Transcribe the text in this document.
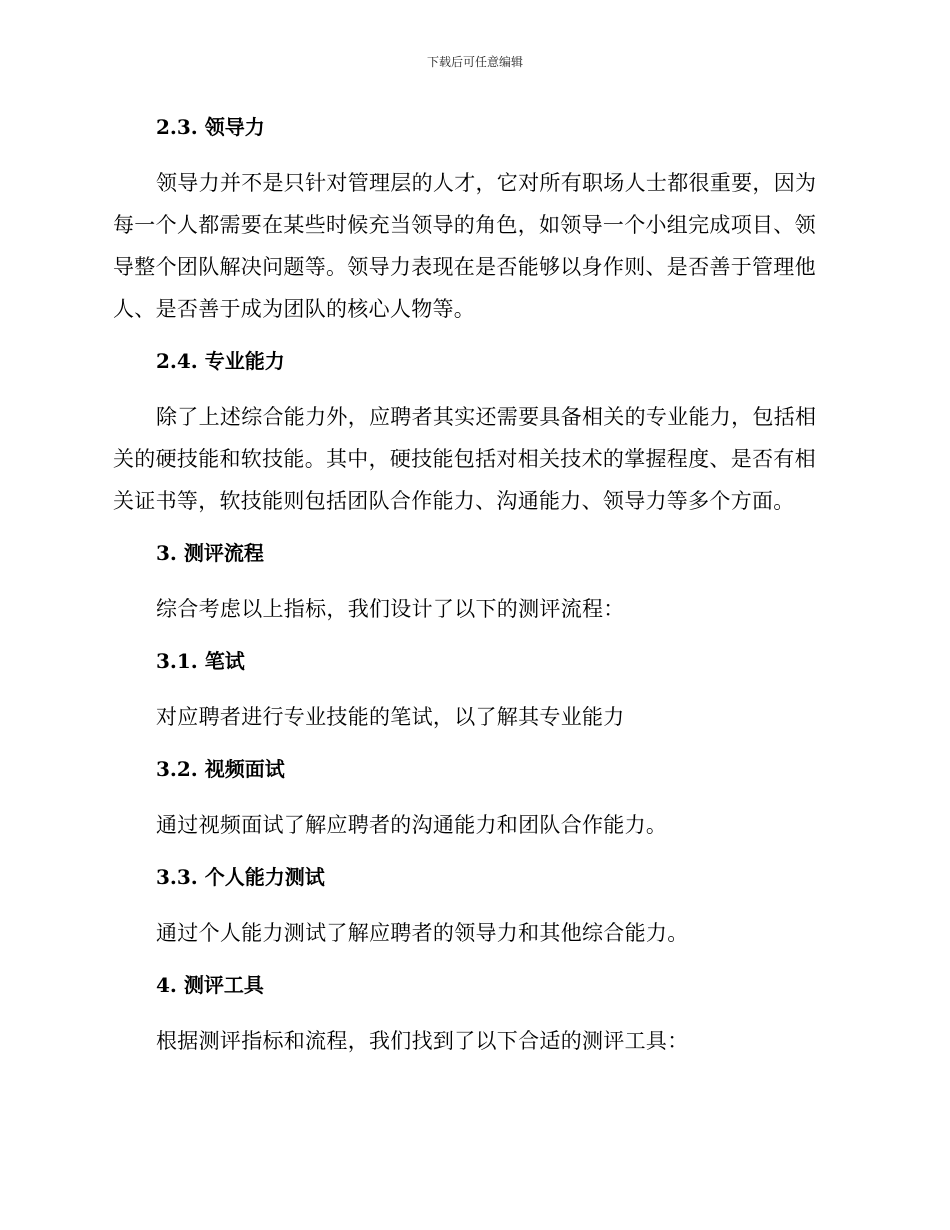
下载后可任意编辑
2.3. 领导力

领导力并不是只针对管理层的人才，它对所有职场人士都很重要，因为每一个人都需要在某些时候充当领导的角色，如领导一个小组完成项目、领导整个团队解决问题等。领导力表现在是否能够以身作则、是否善于管理他人、是否善于成为团队的核心人物等。

2.4. 专业能力

除了上述综合能力外，应聘者其实还需要具备相关的专业能力，包括相关的硬技能和软技能。其中，硬技能包括对相关技术的掌握程度、是否有相关证书等，软技能则包括团队合作能力、沟通能力、领导力等多个方面。

3. 测评流程

综合考虑以上指标，我们设计了以下的测评流程：

3.1. 笔试

对应聘者进行专业技能的笔试，以了解其专业能力

3.2. 视频面试

通过视频面试了解应聘者的沟通能力和团队合作能力。

3.3. 个人能力测试

通过个人能力测试了解应聘者的领导力和其他综合能力。

4. 测评工具

根据测评指标和流程，我们找到了以下合适的测评工具：
